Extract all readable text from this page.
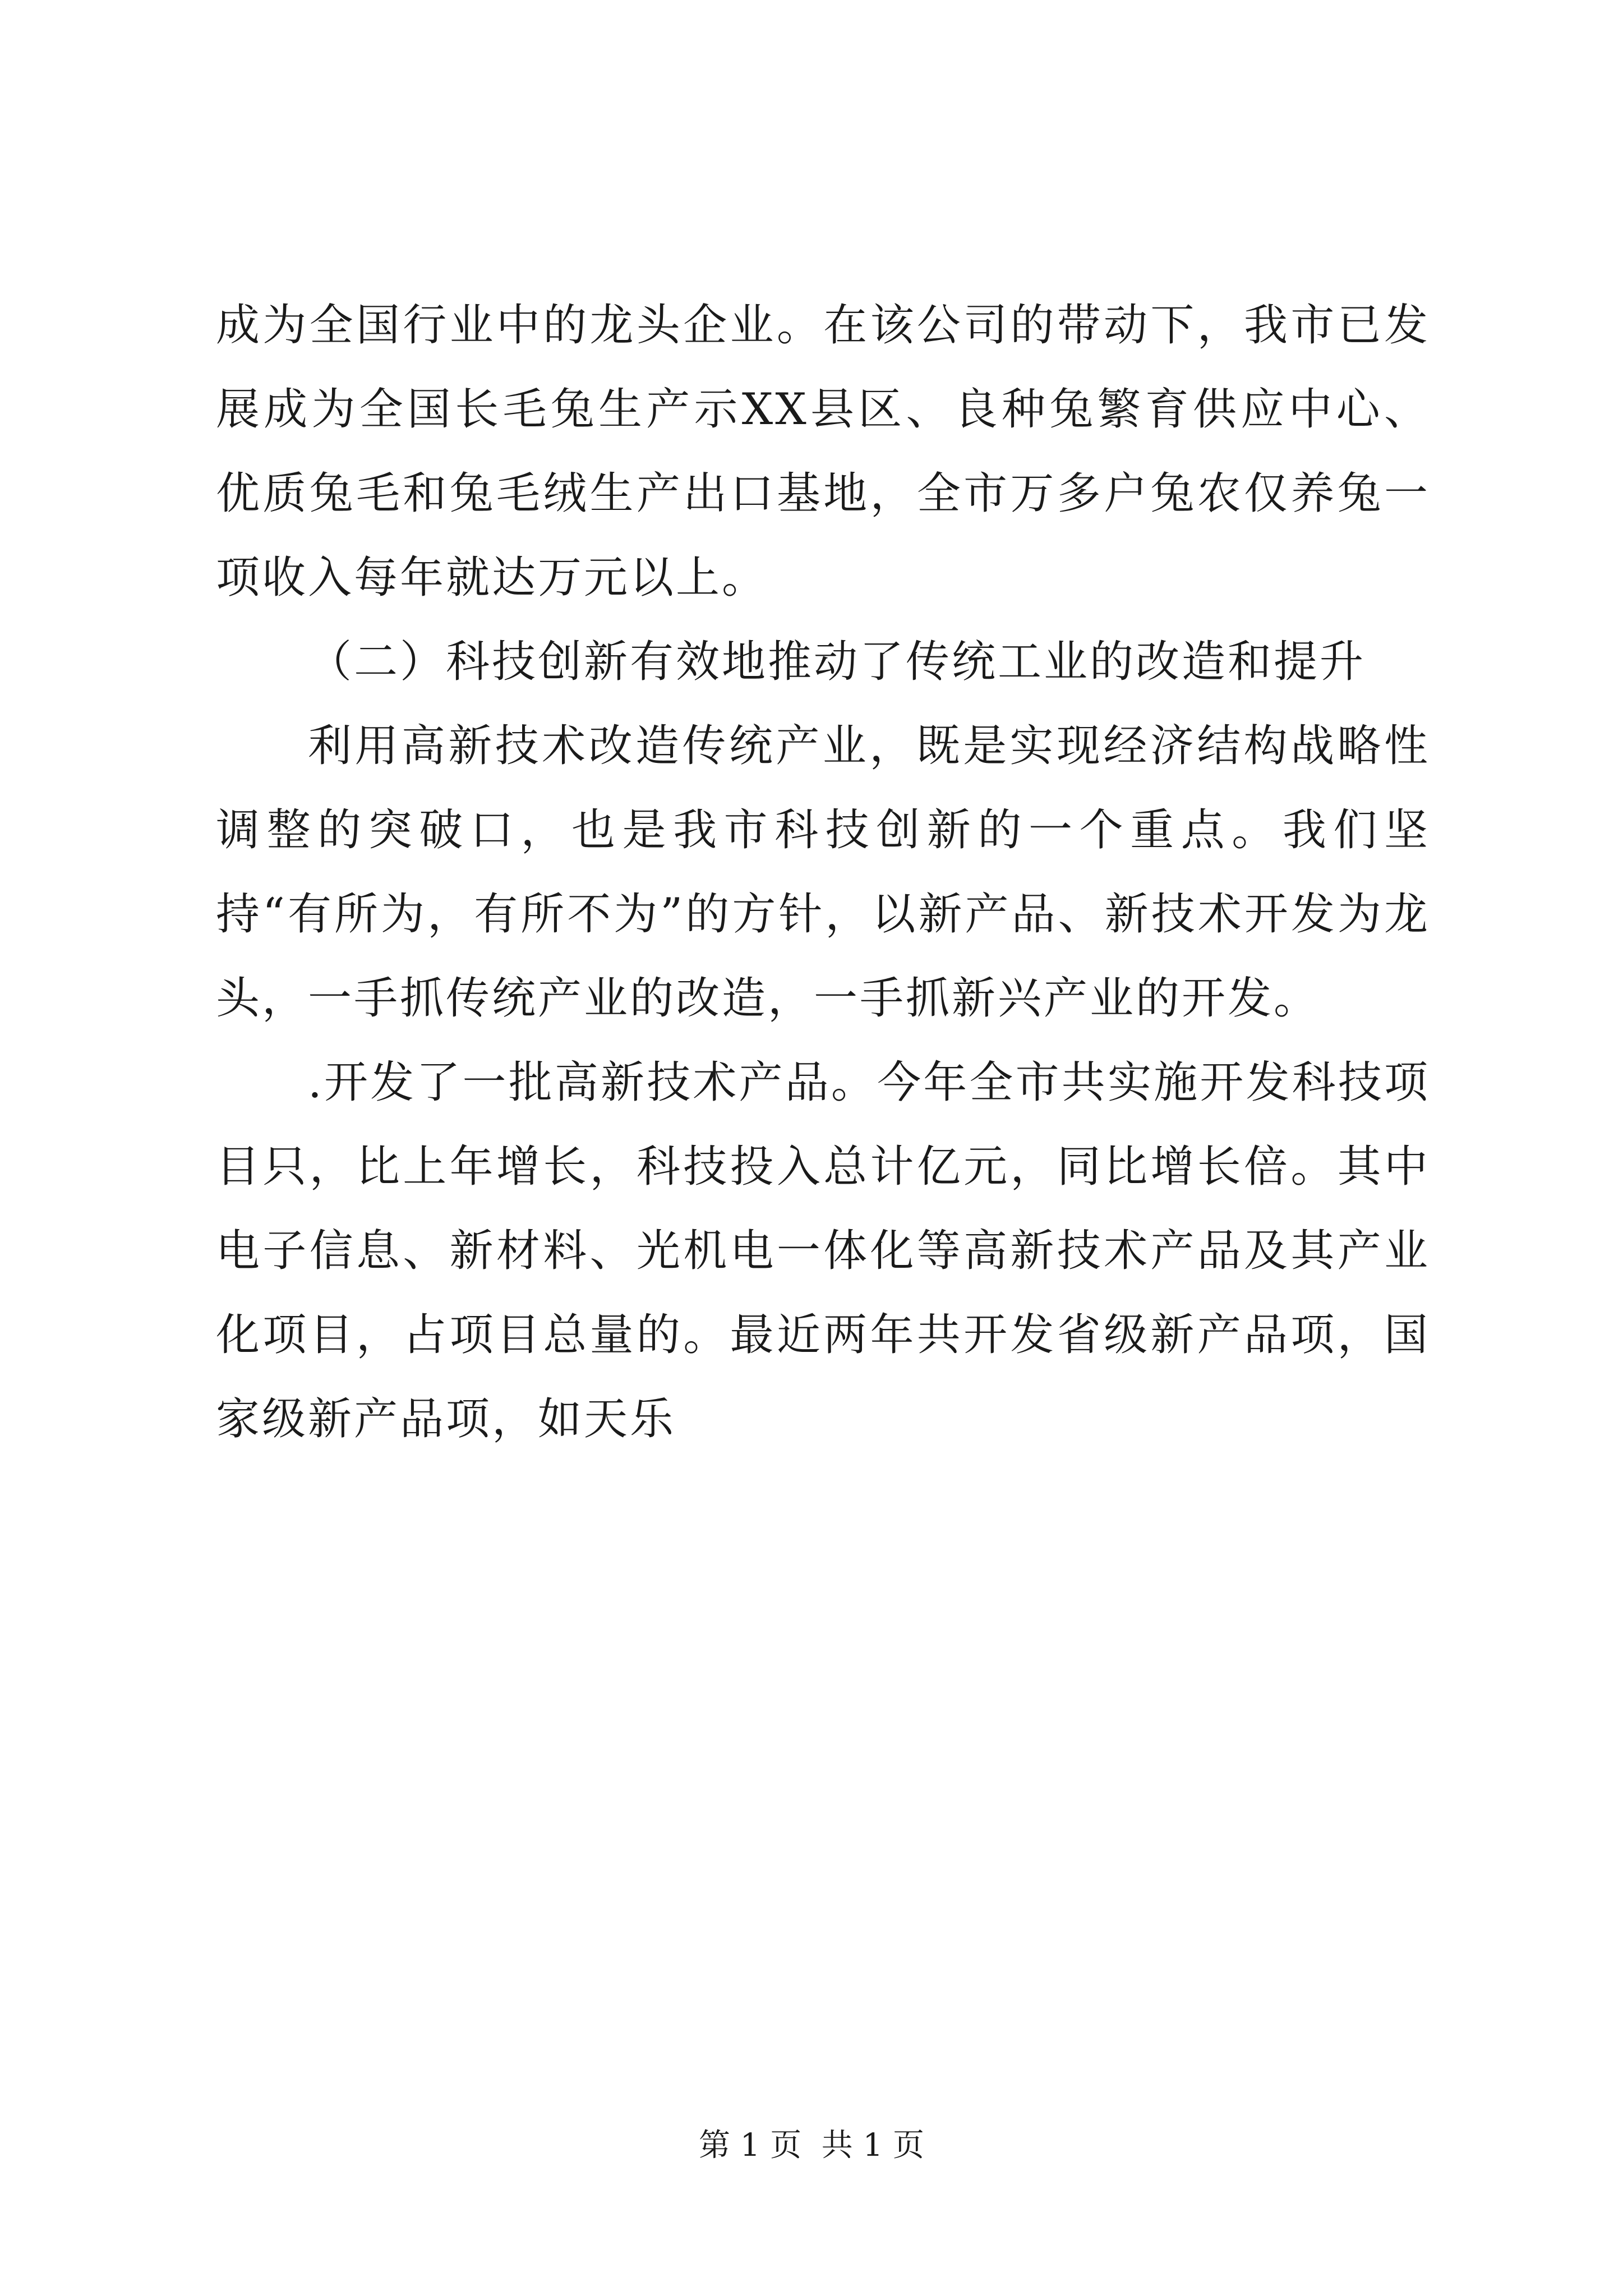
成为全国行业中的龙头企业。在该公司的带动下，我市已发展成为全国长毛兔生产示XX县区、良种兔繁育供应中心、优质兔毛和兔毛绒生产出口基地，全市万多户兔农仅养兔一项收入每年就达万元以上。

（二）科技创新有效地推动了传统工业的改造和提升

利用高新技术改造传统产业，既是实现经济结构战略性调整的突破口，也是我市科技创新的一个重点。我们坚持“有所为，有所不为”的方针，以新产品、新技术开发为龙头，一手抓传统产业的改造，一手抓新兴产业的开发。

.开发了一批高新技术产品。今年全市共实施开发科技项目只，比上年增长，科技投入总计亿元，同比增长倍。其中电子信息、新材料、光机电一体化等高新技术产品及其产业化项目，占项目总量的。最近两年共开发省级新产品项，国家级新产品项，如天乐

第 1 页  共 1 页
